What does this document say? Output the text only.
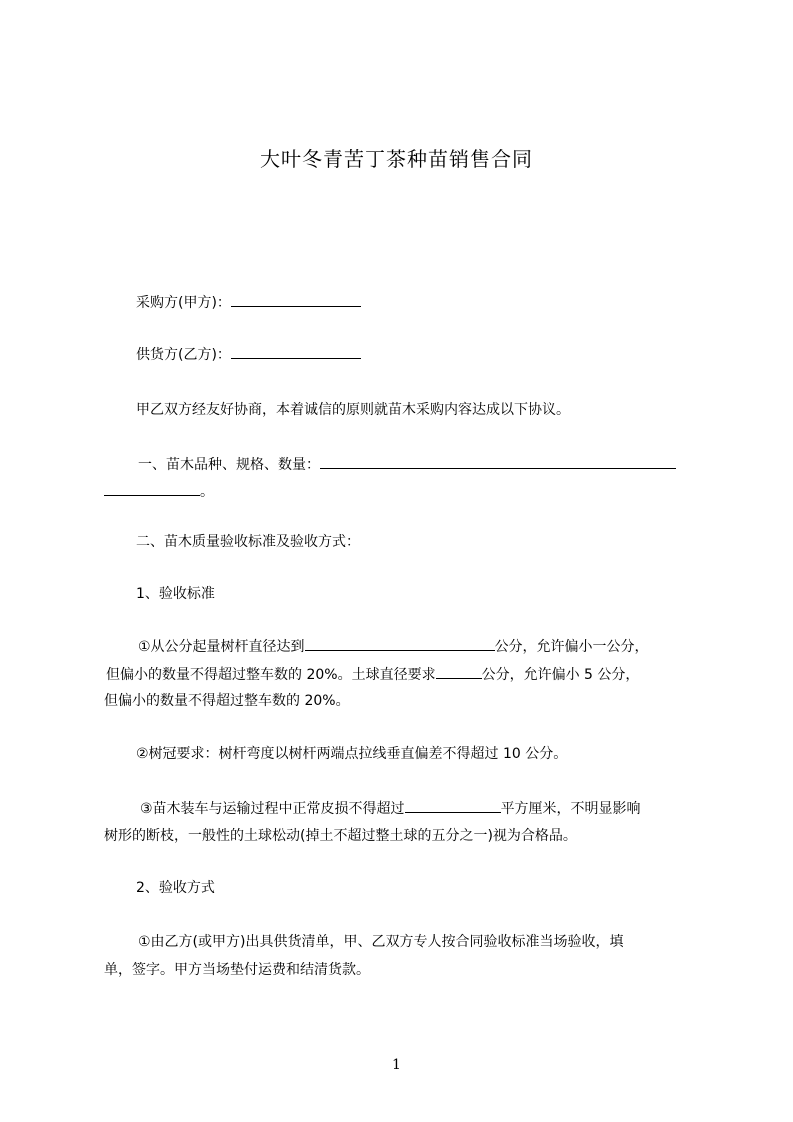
大叶冬青苦丁茶种苗销售合同
采购方(甲方)：
供货方(乙方)：
甲乙双方经友好协商，本着诚信的原则就苗木采购内容达成以下协议。
一、苗木品种、规格、数量：
。
二、苗木质量验收标准及验收方式：
1、验收标准
①从公分起量树杆直径达到	公分，允许偏小一公分，
但偏小的数量不得超过整车数的 20%。土球直径要求	公分，允许偏小 5 公分，
但偏小的数量不得超过整车数的 20%。
②树冠要求：树杆弯度以树杆两端点拉线垂直偏差不得超过 10 公分。
③苗木装车与运输过程中正常皮损不得超过	平方厘米，不明显影响
树形的断枝，一般性的土球松动(掉土不超过整土球的五分之一)视为合格品。
2、验收方式
①由乙方(或甲方)出具供货清单，甲、乙双方专人按合同验收标准当场验收，填
单，签字。甲方当场垫付运费和结清货款。
1
